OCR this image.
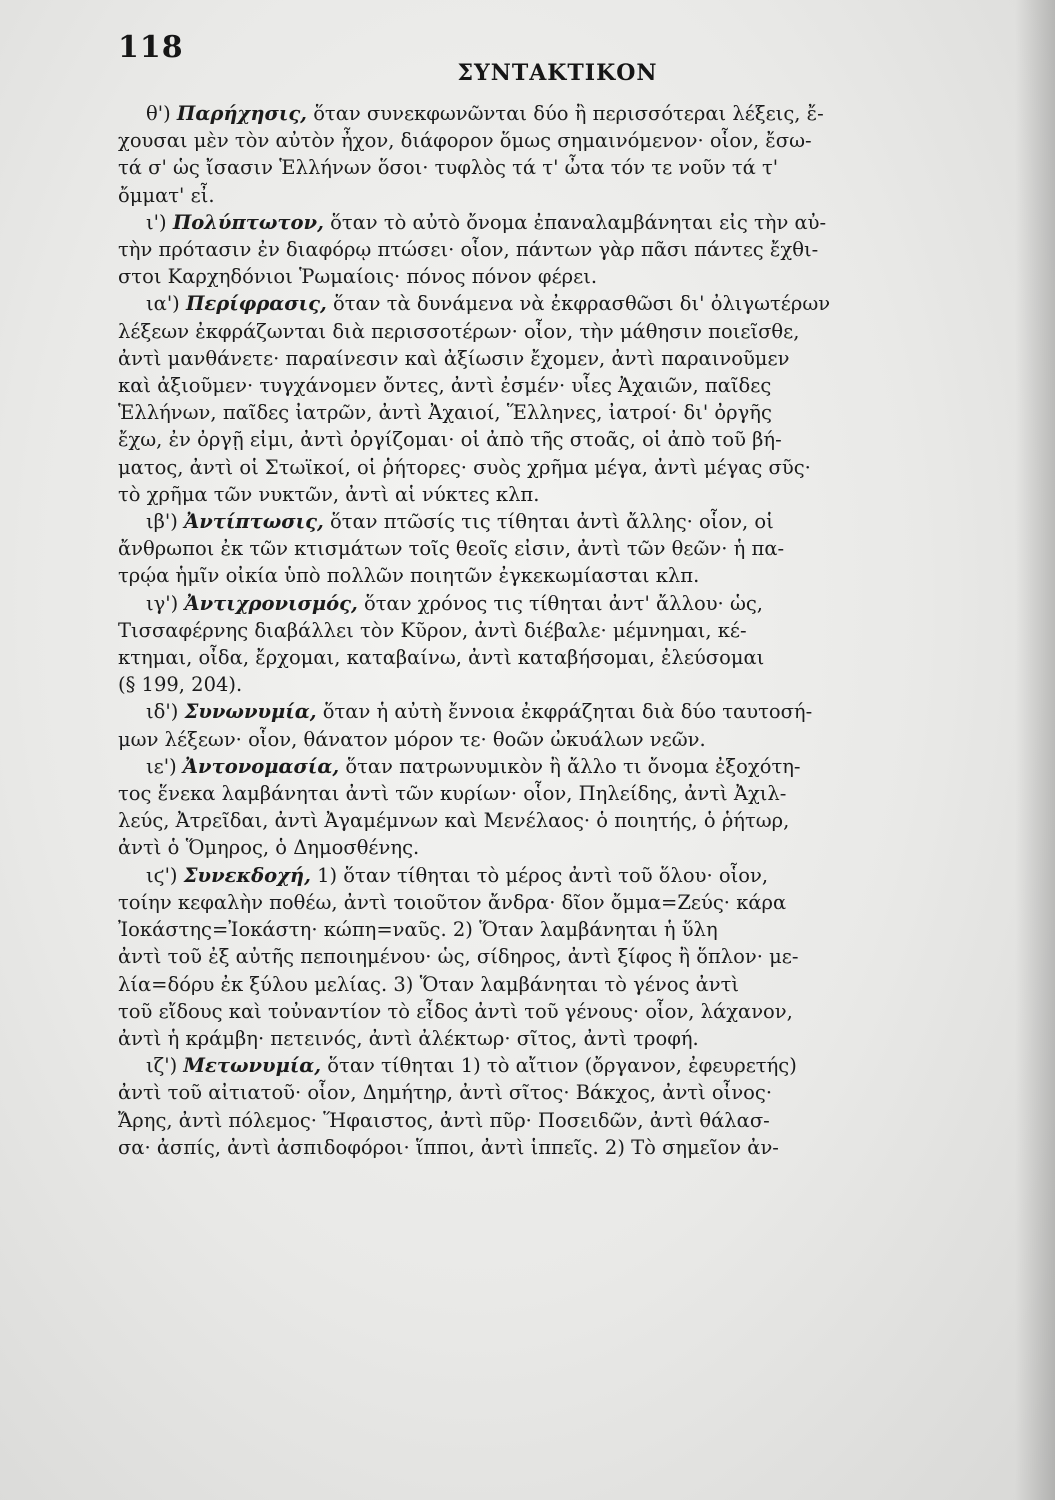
118
ΣΥΝΤΑΚΤΙΚΟΝ
θ') Παρήχησις, ὅταν συνεκφωνῶνται δύο ἢ περισσότεραι λέξεις, ἔ-
χουσαι μὲν τὸν αὐτὸν ἦχον, διάφορον ὅμως σημαινόμενον· οἷον, ἔσω-
τά σ' ὡς ἴσασιν Ἑλλήνων ὅσοι· τυφλὸς τά τ' ὦτα τόν τε νοῦν τά τ'
ὄμματ' εἶ.
ι') Πολύπτωτον, ὅταν τὸ αὐτὸ ὄνομα ἐπαναλαμβάνηται εἰς τὴν αὐ-
τὴν πρότασιν ἐν διαφόρῳ πτώσει· οἷον, πάντων γὰρ πᾶσι πάντες ἔχθι-
στοι Καρχηδόνιοι Ῥωμαίοις· πόνος πόνον φέρει.
ια') Περίφρασις, ὅταν τὰ δυνάμενα νὰ ἐκφρασθῶσι δι' ὀλιγωτέρων
λέξεων ἐκφράζωνται διὰ περισσοτέρων· οἷον, τὴν μάθησιν ποιεῖσθε,
ἀντὶ μανθάνετε· παραίνεσιν καὶ ἀξίωσιν ἔχομεν, ἀντὶ παραινοῦμεν
καὶ ἀξιοῦμεν· τυγχάνομεν ὄντες, ἀντὶ ἐσμέν· υἷες Ἀχαιῶν, παῖδες
Ἑλλήνων, παῖδες ἰατρῶν, ἀντὶ Ἀχαιοί, Ἕλληνες, ἰατροί· δι' ὀργῆς
ἔχω, ἐν ὀργῇ εἰμι, ἀντὶ ὀργίζομαι· οἱ ἀπὸ τῆς στοᾶς, οἱ ἀπὸ τοῦ βή-
ματος, ἀντὶ οἱ Στωϊκοί, οἱ ῥήτορες· συὸς χρῆμα μέγα, ἀντὶ μέγας σῦς·
τὸ χρῆμα τῶν νυκτῶν, ἀντὶ αἱ νύκτες κλπ.
ιβ') Ἀντίπτωσις, ὅταν πτῶσίς τις τίθηται ἀντὶ ἄλλης· οἷον, οἱ
ἄνθρωποι ἐκ τῶν κτισμάτων τοῖς θεοῖς εἰσιν, ἀντὶ τῶν θεῶν· ἡ πα-
τρῴα ἡμῖν οἰκία ὑπὸ πολλῶν ποιητῶν ἐγκεκωμίασται κλπ.
ιγ') Ἀντιχρονισμός, ὅταν χρόνος τις τίθηται ἀντ' ἄλλου· ὡς,
Τισσαφέρνης διαβάλλει τὸν Κῦρον, ἀντὶ διέβαλε· μέμνημαι, κέ-
κτημαι, οἶδα, ἔρχομαι, καταβαίνω, ἀντὶ καταβήσομαι, ἐλεύσομαι
(§ 199, 204).
ιδ') Συνωνυμία, ὅταν ἡ αὐτὴ ἔννοια ἐκφράζηται διὰ δύο ταυτοσή-
μων λέξεων· οἷον, θάνατον μόρον τε· θοῶν ὠκυάλων νεῶν.
ιε') Ἀντονομασία, ὅταν πατρωνυμικὸν ἢ ἄλλο τι ὄνομα ἐξοχότη-
τος ἕνεκα λαμβάνηται ἀντὶ τῶν κυρίων· οἷον, Πηλείδης, ἀντὶ Ἀχιλ-
λεύς, Ἀτρεῖδαι, ἀντὶ Ἀγαμέμνων καὶ Μενέλαος· ὁ ποιητής, ὁ ῥήτωρ,
ἀντὶ ὁ Ὅμηρος, ὁ Δημοσθένης.
ιϛ') Συνεκδοχή, 1) ὅταν τίθηται τὸ μέρος ἀντὶ τοῦ ὅλου· οἷον,
τοίην κεφαλὴν ποθέω, ἀντὶ τοιοῦτον ἄνδρα· δῖον ὄμμα=Ζεύς· κάρα
Ἰοκάστης=Ἰοκάστη· κώπη=ναῦς. 2) Ὅταν λαμβάνηται ἡ ὕλη
ἀντὶ τοῦ ἐξ αὐτῆς πεποιημένου· ὡς, σίδηρος, ἀντὶ ξίφος ἢ ὅπλον· με-
λία=δόρυ ἐκ ξύλου μελίας. 3) Ὅταν λαμβάνηται τὸ γένος ἀντὶ
τοῦ εἴδους καὶ τοὐναντίον τὸ εἶδος ἀντὶ τοῦ γένους· οἷον, λάχανον,
ἀντὶ ἡ κράμβη· πετεινός, ἀντὶ ἀλέκτωρ· σῖτος, ἀντὶ τροφή.
ιζ') Μετωνυμία, ὅταν τίθηται 1) τὸ αἴτιον (ὄργανον, ἐφευρετής)
ἀντὶ τοῦ αἰτιατοῦ· οἷον, Δημήτηρ, ἀντὶ σῖτος· Βάκχος, ἀντὶ οἶνος·
Ἄρης, ἀντὶ πόλεμος· Ἥφαιστος, ἀντὶ πῦρ· Ποσειδῶν, ἀντὶ θάλασ-
σα· ἀσπίς, ἀντὶ ἀσπιδοφόροι· ἵπποι, ἀντὶ ἱππεῖς. 2) Τὸ σημεῖον ἀν-
